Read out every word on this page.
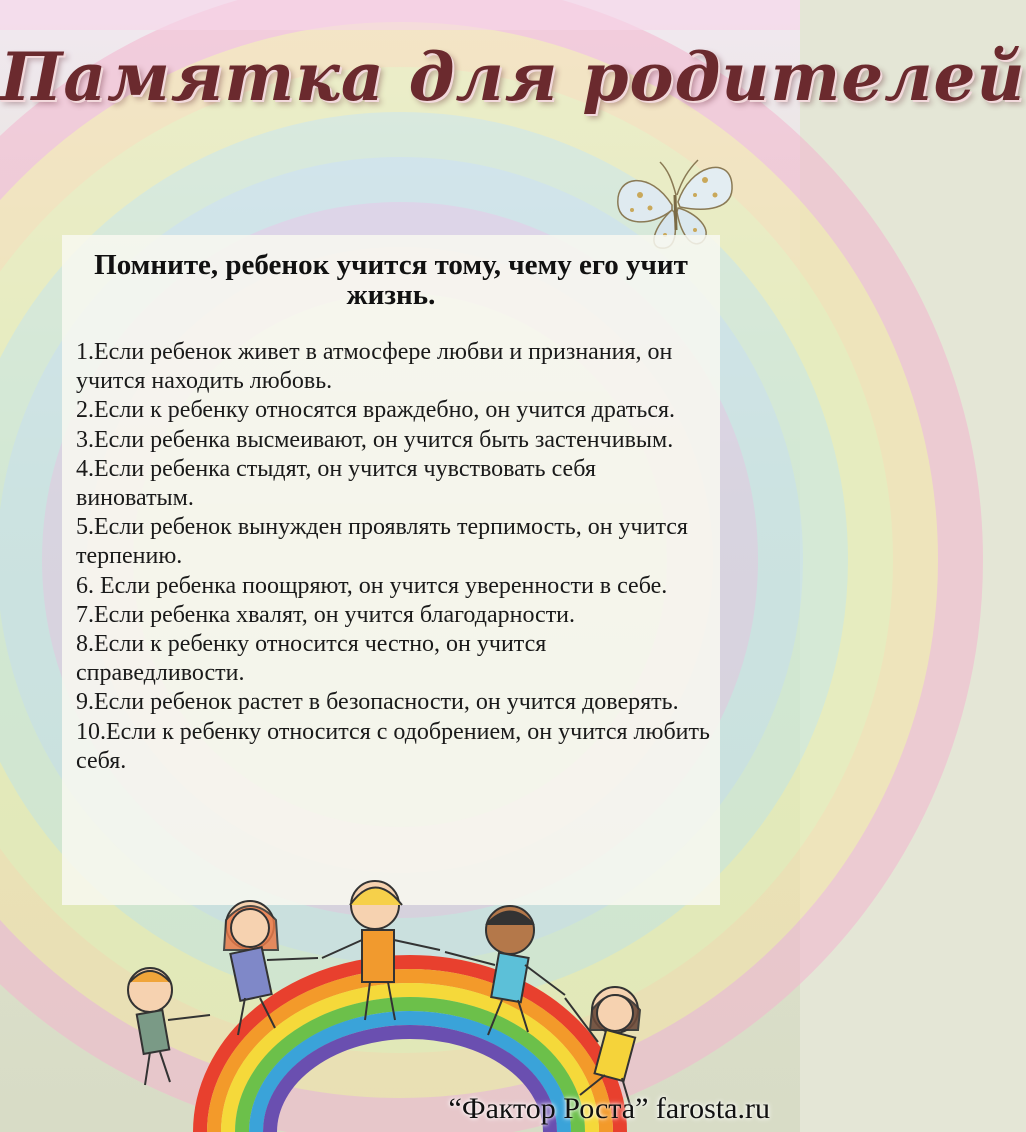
Памятка для родителей
Помните, ребенок учится тому, чему его учит жизнь.
1.Если ребенок живет в атмосфере любви и признания, он учится находить любовь.
2.Если к ребенку относятся враждебно, он учится драться.
3.Если ребенка высмеивают, он учится быть застенчивым.
4.Если ребенка стыдят, он учится чувствовать себя виноватым.
5.Если ребенок вынужден проявлять терпимость, он учится терпению.
6. Если ребенка поощряют, он учится уверенности в себе.
7.Если ребенка хвалят, он учится благодарности.
8.Если к ребенку относится честно, он учится справедливости.
9.Если ребенок растет в безопасности, он учится доверять.
10.Если к ребенку относится с одобрением, он учится любить себя.
“Фактор Роста” farosta.ru
